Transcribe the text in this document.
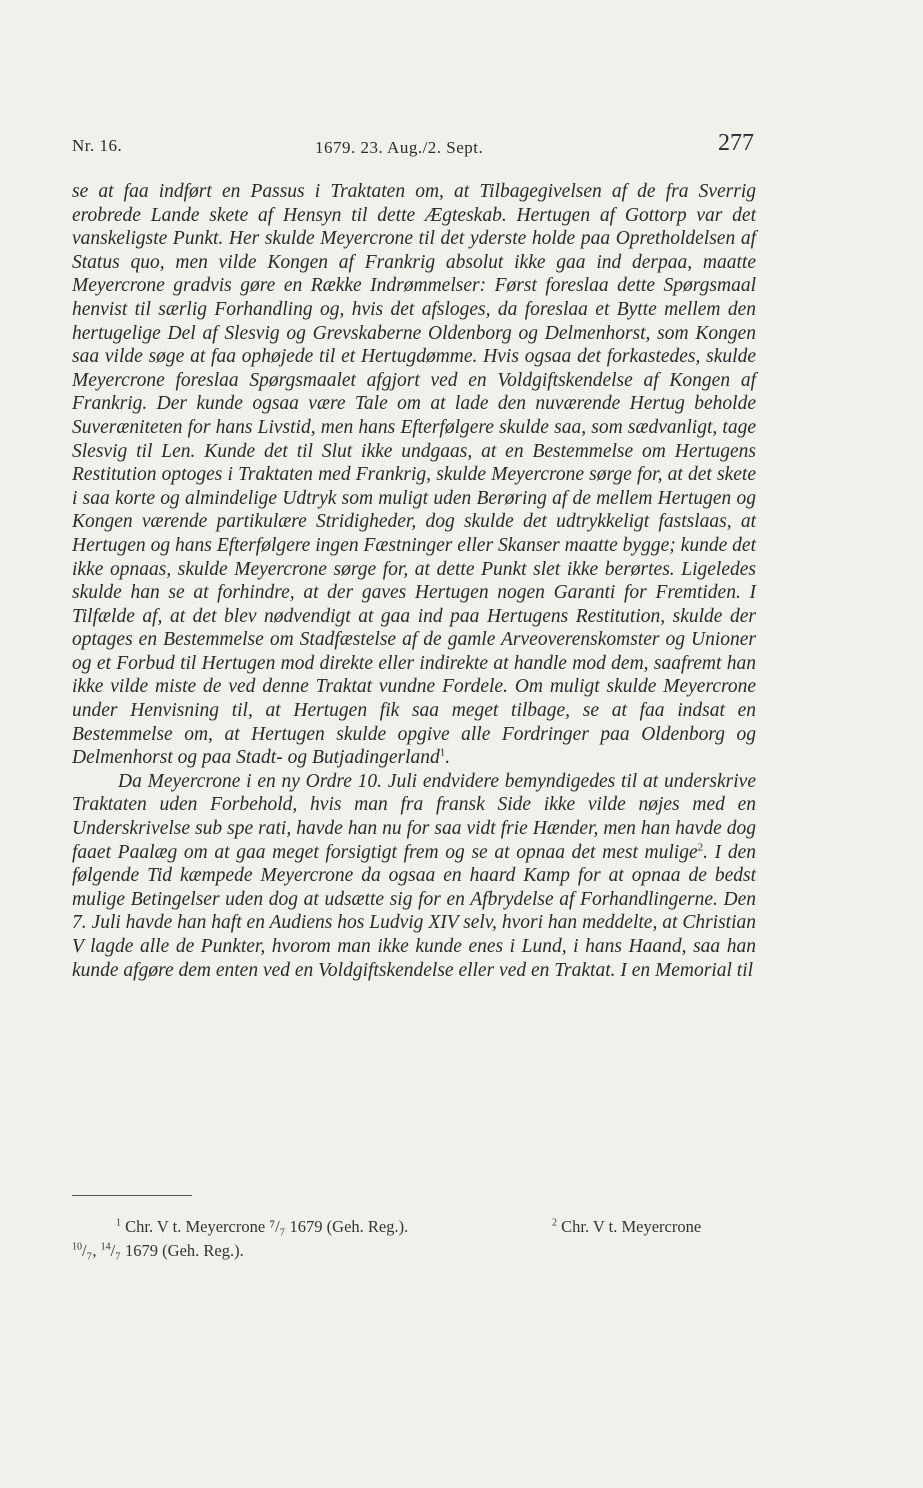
Nr. 16.	1679. 23. Aug./2. Sept.	277

se at faa indført en Passus i Traktaten om, at Tilbagegivelsen af de fra Sverrig erobrede Lande skete af Hensyn til dette Ægteskab. Hertugen af Gottorp var det vanskeligste Punkt. Her skulde Meyercrone til det yderste holde paa Opretholdelsen af Status quo, men vilde Kongen af Frankrig absolut ikke gaa ind derpaa, maatte Meyercrone gradvis gøre en Række Indrømmelser: Først foreslaa dette Spørgsmaal henvist til særlig Forhandling og, hvis det afsloges, da foreslaa et Bytte mellem den hertugelige Del af Slesvig og Grevskaberne Oldenborg og Delmenhorst, som Kongen saa vilde søge at faa ophøjede til et Hertugdømme. Hvis ogsaa det forkastedes, skulde Meyercrone foreslaa Spørgsmaalet afgjort ved en Voldgiftskendelse af Kongen af Frankrig. Der kunde ogsaa være Tale om at lade den nuværende Hertug beholde Suveræniteten for hans Livstid, men hans Efterfølgere skulde saa, som sædvanligt, tage Slesvig til Len. Kunde det til Slut ikke undgaas, at en Bestemmelse om Hertugens Restitution optoges i Traktaten med Frankrig, skulde Meyercrone sørge for, at det skete i saa korte og almindelige Udtryk som muligt uden Berøring af de mellem Hertugen og Kongen værende partikulære Stridigheder, dog skulde det udtrykkeligt fastslaas, at Hertugen og hans Efterfølgere ingen Fæstninger eller Skanser maatte bygge; kunde det ikke opnaas, skulde Meyercrone sørge for, at dette Punkt slet ikke berørtes. Ligeledes skulde han se at forhindre, at der gaves Hertugen nogen Garanti for Fremtiden. I Tilfælde af, at det blev nødvendigt at gaa ind paa Hertugens Restitution, skulde der optages en Bestemmelse om Stadfæstelse af de gamle Arveoverenskomster og Unioner og et Forbud til Hertugen mod direkte eller indirekte at handle mod dem, saafremt han ikke vilde miste de ved denne Traktat vundne Fordele. Om muligt skulde Meyercrone under Henvisning til, at Hertugen fik saa meget tilbage, se at faa indsat en Bestemmelse om, at Hertugen skulde opgive alle Fordringer paa Oldenborg og Delmenhorst og paa Stadt- og Butjadingerland$^1$.

Da Meyercrone i en ny Ordre 10. Juli endvidere bemyndigedes til at underskrive Traktaten uden Forbehold, hvis man fra fransk Side ikke vilde nøjes med en Underskrivelse sub spe rati, havde han nu for saa vidt frie Hænder, men han havde dog faaet Paalæg om at gaa meget forsigtigt frem og se at opnaa det mest mulige$^2$. I den følgende Tid kæmpede Meyercrone da ogsaa en haard Kamp for at opnaa de bedst mulige Betingelser uden dog at udsætte sig for en Afbrydelse af Forhandlingerne. Den 7. Juli havde han haft en Audiens hos Ludvig XIV selv, hvori han meddelte, at Christian V lagde alle de Punkter, hvorom man ikke kunde enes i Lund, i hans Haand, saa han kunde afgøre dem enten ved en Voldgiftskendelse eller ved en Traktat. I en Memorial til

$^1$ Chr. V t. Meyercrone ⁷/₇ 1679 (Geh. Reg.).	$^2$ Chr. V t. Meyercrone
$^{10}$/₇, $^{14}$/₇ 1679 (Geh. Reg.).
